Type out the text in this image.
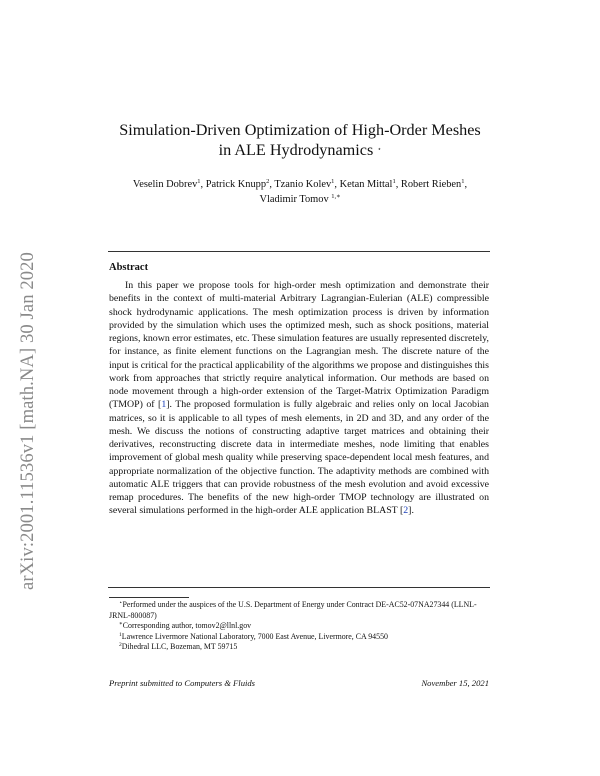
arXiv:2001.11536v1 [math.NA] 30 Jan 2020
Simulation-Driven Optimization of High-Order Meshes
in ALE Hydrodynamics ⋆
Veselin Dobrev$^1$, Patrick Knupp$^2$, Tzanio Kolev$^1$, Ketan Mittal$^1$, Robert Rieben$^1$,
Vladimir Tomov $^{1,∗}$
Abstract
In this paper we propose tools for high-order mesh optimization and demonstrate their benefits in the context of multi-material Arbitrary Lagrangian-Eulerian (ALE) compressible shock hydrodynamic applications. The mesh optimization process is driven by information provided by the simulation which uses the optimized mesh, such as shock positions, material regions, known error estimates, etc. These simulation features are usually represented discretely, for instance, as finite element functions on the Lagrangian mesh. The discrete nature of the input is critical for the practical applicability of the algorithms we propose and distinguishes this work from approaches that strictly require analytical information. Our methods are based on node movement through a high-order extension of the Target-Matrix Optimization Paradigm (TMOP) of [1]. The proposed formulation is fully algebraic and relies only on local Jacobian matrices, so it is applicable to all types of mesh elements, in 2D and 3D, and any order of the mesh. We discuss the notions of constructing adaptive target matrices and obtaining their derivatives, reconstructing discrete data in intermediate meshes, node limiting that enables improvement of global mesh quality while preserving space-dependent local mesh features, and appropriate normalization of the objective function. The adaptivity methods are combined with automatic ALE triggers that can provide robustness of the mesh evolution and avoid excessive remap procedures. The benefits of the new high-order TMOP technology are illustrated on several simulations performed in the high-order ALE application BLAST [2].

⋆Performed under the auspices of the U.S. Department of Energy under Contract DE-AC52-07NA27344 (LLNL-JRNL-800087)

∗Corresponding author, tomov2@llnl.gov

$^1$Lawrence Livermore National Laboratory, 7000 East Avenue, Livermore, CA 94550

$^2$Dihedral LLC, Bozeman, MT 59715

Preprint submitted to Computers & Fluids	November 15, 2021
